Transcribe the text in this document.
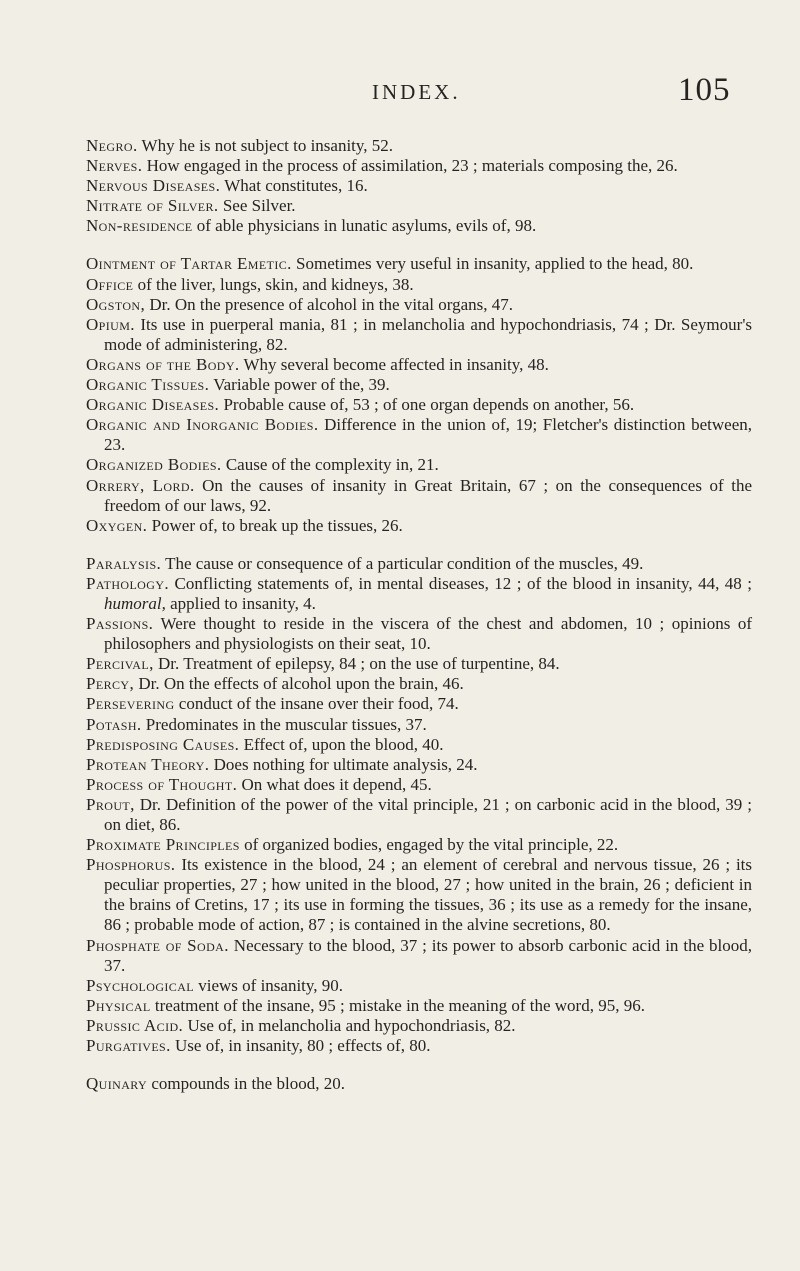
INDEX.	105

Negro. Why he is not subject to insanity, 52.

Nerves. How engaged in the process of assimilation, 23 ; materials composing the, 26.

Nervous Diseases. What constitutes, 16.

Nitrate of Silver. See Silver.

Non-residence of able physicians in lunatic asylums, evils of, 98.

Ointment of Tartar Emetic. Sometimes very useful in insanity, applied to the head, 80.

Office of the liver, lungs, skin, and kidneys, 38.

Ogston, Dr. On the presence of alcohol in the vital organs, 47.

Opium. Its use in puerperal mania, 81 ; in melancholia and hypochondriasis, 74 ; Dr. Seymour's mode of administering, 82.

Organs of the Body. Why several become affected in insanity, 48.

Organic Tissues. Variable power of the, 39.

Organic Diseases. Probable cause of, 53 ; of one organ depends on another, 56.

Organic and Inorganic Bodies. Difference in the union of, 19; Fletcher's distinction between, 23.

Organized Bodies. Cause of the complexity in, 21.

Orrery, Lord. On the causes of insanity in Great Britain, 67 ; on the consequences of the freedom of our laws, 92.

Oxygen. Power of, to break up the tissues, 26.

Paralysis. The cause or consequence of a particular condition of the muscles, 49.

Pathology. Conflicting statements of, in mental diseases, 12 ; of the blood in insanity, 44, 48 ; humoral, applied to insanity, 4.

Passions. Were thought to reside in the viscera of the chest and abdomen, 10 ; opinions of philosophers and physiologists on their seat, 10.

Percival, Dr. Treatment of epilepsy, 84 ; on the use of turpentine, 84.

Percy, Dr. On the effects of alcohol upon the brain, 46.

Persevering conduct of the insane over their food, 74.

Potash. Predominates in the muscular tissues, 37.

Predisposing Causes. Effect of, upon the blood, 40.

Protean Theory. Does nothing for ultimate analysis, 24.

Process of Thought. On what does it depend, 45.

Prout, Dr. Definition of the power of the vital principle, 21 ; on carbonic acid in the blood, 39 ; on diet, 86.

Proximate Principles of organized bodies, engaged by the vital principle, 22.

Phosphorus. Its existence in the blood, 24 ; an element of cerebral and nervous tissue, 26 ; its peculiar properties, 27 ; how united in the blood, 27 ; how united in the brain, 26 ; deficient in the brains of Cretins, 17 ; its use in forming the tissues, 36 ; its use as a remedy for the insane, 86 ; probable mode of action, 87 ; is contained in the alvine secretions, 80.

Phosphate of Soda. Necessary to the blood, 37 ; its power to absorb carbonic acid in the blood, 37.

Psychological views of insanity, 90.

Physical treatment of the insane, 95 ; mistake in the meaning of the word, 95, 96.

Prussic Acid. Use of, in melancholia and hypochondriasis, 82.

Purgatives. Use of, in insanity, 80 ; effects of, 80.

Quinary compounds in the blood, 20.
